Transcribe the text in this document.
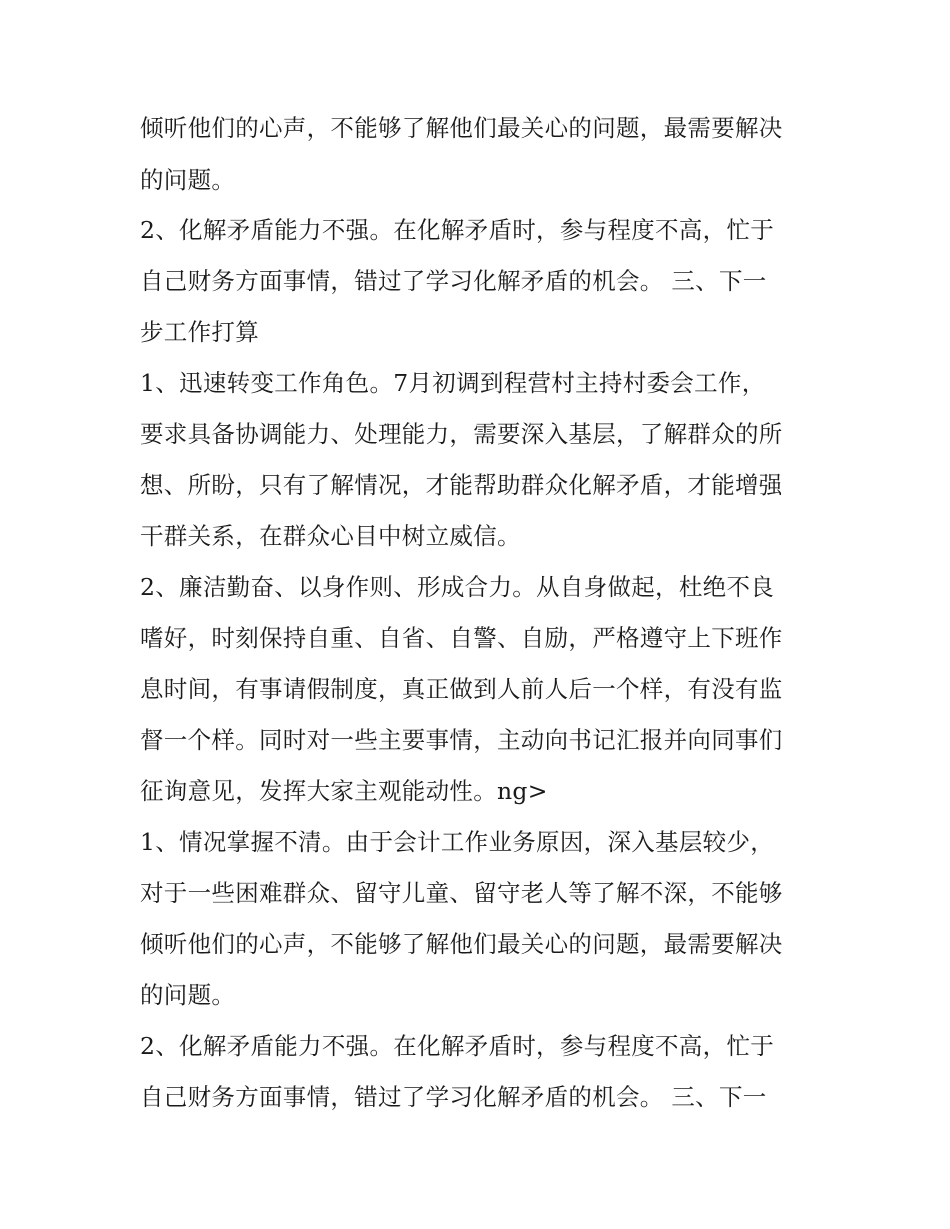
倾听他们的心声，不能够了解他们最关心的问题，最需要解决
的问题。
2、化解矛盾能力不强。在化解矛盾时，参与程度不高，忙于
自己财务方面事情，错过了学习化解矛盾的机会。 三、下一
步工作打算
1、迅速转变工作角色。7月初调到程营村主持村委会工作，
要求具备协调能力、处理能力，需要深入基层，了解群众的所
想、所盼，只有了解情况，才能帮助群众化解矛盾，才能增强
干群关系，在群众心目中树立威信。
2、廉洁勤奋、以身作则、形成合力。从自身做起，杜绝不良
嗜好，时刻保持自重、自省、自警、自励，严格遵守上下班作
息时间，有事请假制度，真正做到人前人后一个样，有没有监
督一个样。同时对一些主要事情，主动向书记汇报并向同事们
征询意见，发挥大家主观能动性。ng>
1、情况掌握不清。由于会计工作业务原因，深入基层较少，
对于一些困难群众、留守儿童、留守老人等了解不深，不能够
倾听他们的心声，不能够了解他们最关心的问题，最需要解决
的问题。
2、化解矛盾能力不强。在化解矛盾时，参与程度不高，忙于
自己财务方面事情，错过了学习化解矛盾的机会。 三、下一
